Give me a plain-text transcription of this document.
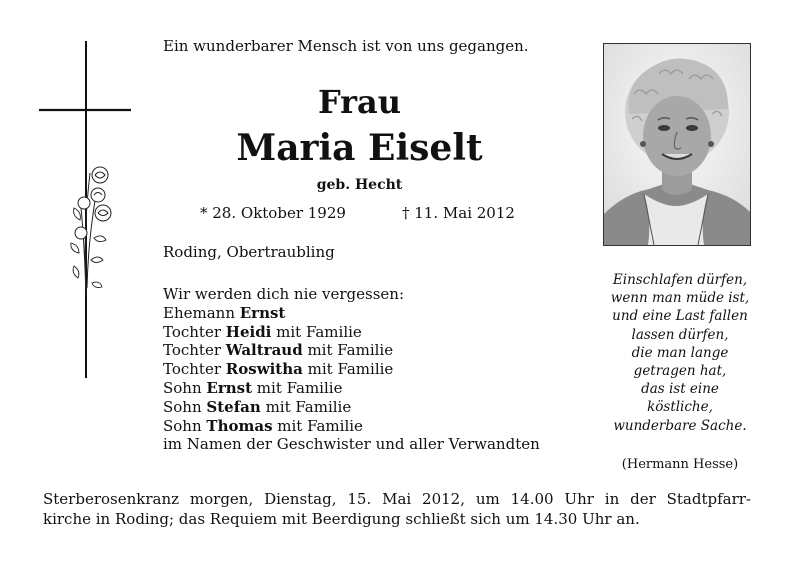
Ein wunderbarer Mensch ist von uns gegangen.
Frau
Maria Eiselt
geb. Hecht
* 28. Oktober 1929	† 11. Mai 2012
Roding, Obertraubling
Wir werden dich nie vergessen:
Ehemann Ernst
Tochter Heidi mit Familie
Tochter Waltraud mit Familie
Tochter Roswitha mit Familie
Sohn Ernst mit Familie
Sohn Stefan mit Familie
Sohn Thomas mit Familie
im Namen der Geschwister und aller Verwandten
Einschlafen dürfen,
wenn man müde ist,
und eine Last fallen
lassen dürfen,
die man lange
getragen hat,
das ist eine
köstliche,
wunderbare Sache.
(Hermann Hesse)
Sterberosenkranz morgen, Dienstag, 15. Mai 2012, um 14.00 Uhr in der Stadtpfarr-
kirche in Roding; das Requiem mit Beerdigung schließt sich um 14.30 Uhr an.
